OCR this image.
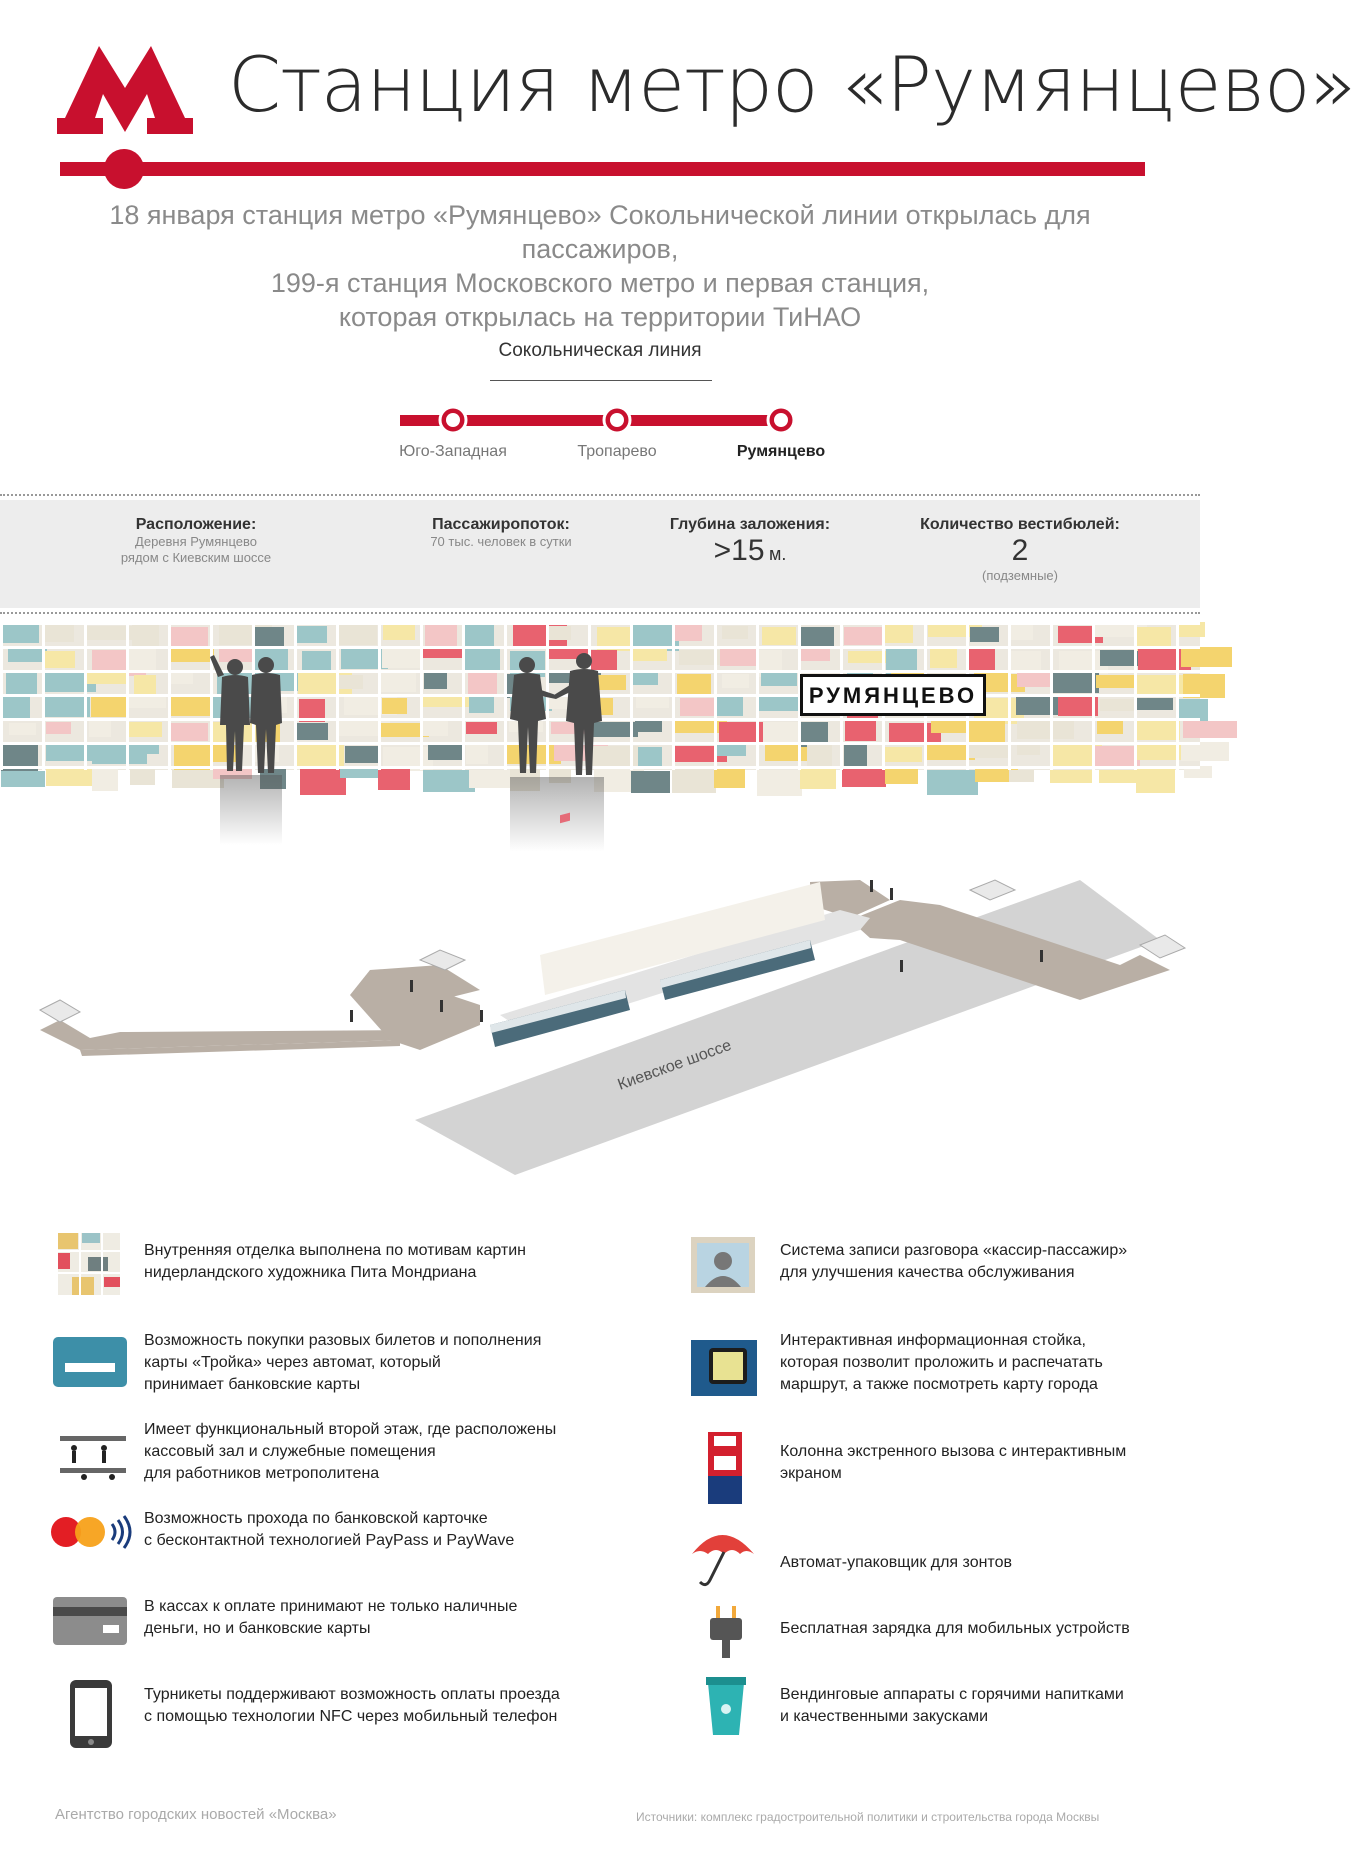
Станция метро «Румянцево»
18 января станция метро «Румянцево» Сокольнической линии открылась для пассажиров,
199-я станция Московского метро и первая станция,
которая открылась на территории ТиНАО
Сокольническая линия
Юго-Западная	Тропарево	Румянцево
Расположение:
Деревня Румянцево
рядом с Киевским шоссе
Пассажиропоток:
70 тыс. человек в сутки
Глубина заложения:
>15 м.
Количество вестибюлей:
2
(подземные)
РУМЯНЦЕВО
Киевское шоссе
Внутренняя отделка выполнена по мотивам картин
нидерландского художника Пита Мондриана
Возможность покупки разовых билетов и пополнения
карты «Тройка» через автомат, который
принимает банковские карты
Имеет функциональный второй этаж, где расположены
кассовый зал и служебные помещения
для работников метрополитена
Возможность прохода по банковской карточке
с бесконтактной технологией PayPass и PayWave
В кассах к оплате принимают не только наличные
деньги, но и банковские карты
Турникеты поддерживают возможность оплаты проезда
с помощью технологии NFC через мобильный телефон
Система записи разговора «кассир-пассажир»
для улучшения качества обслуживания
Интерактивная информационная стойка,
которая позволит проложить и распечатать
маршрут, а также посмотреть карту города
Колонна экстренного вызова с интерактивным
экраном
Автомат-упаковщик для зонтов
Бесплатная зарядка для мобильных устройств
Вендинговые аппараты с горячими напитками
и качественными закусками
Агентство городских новостей «Москва»	Источники: комплекс градостроительной политики и строительства города Москвы
